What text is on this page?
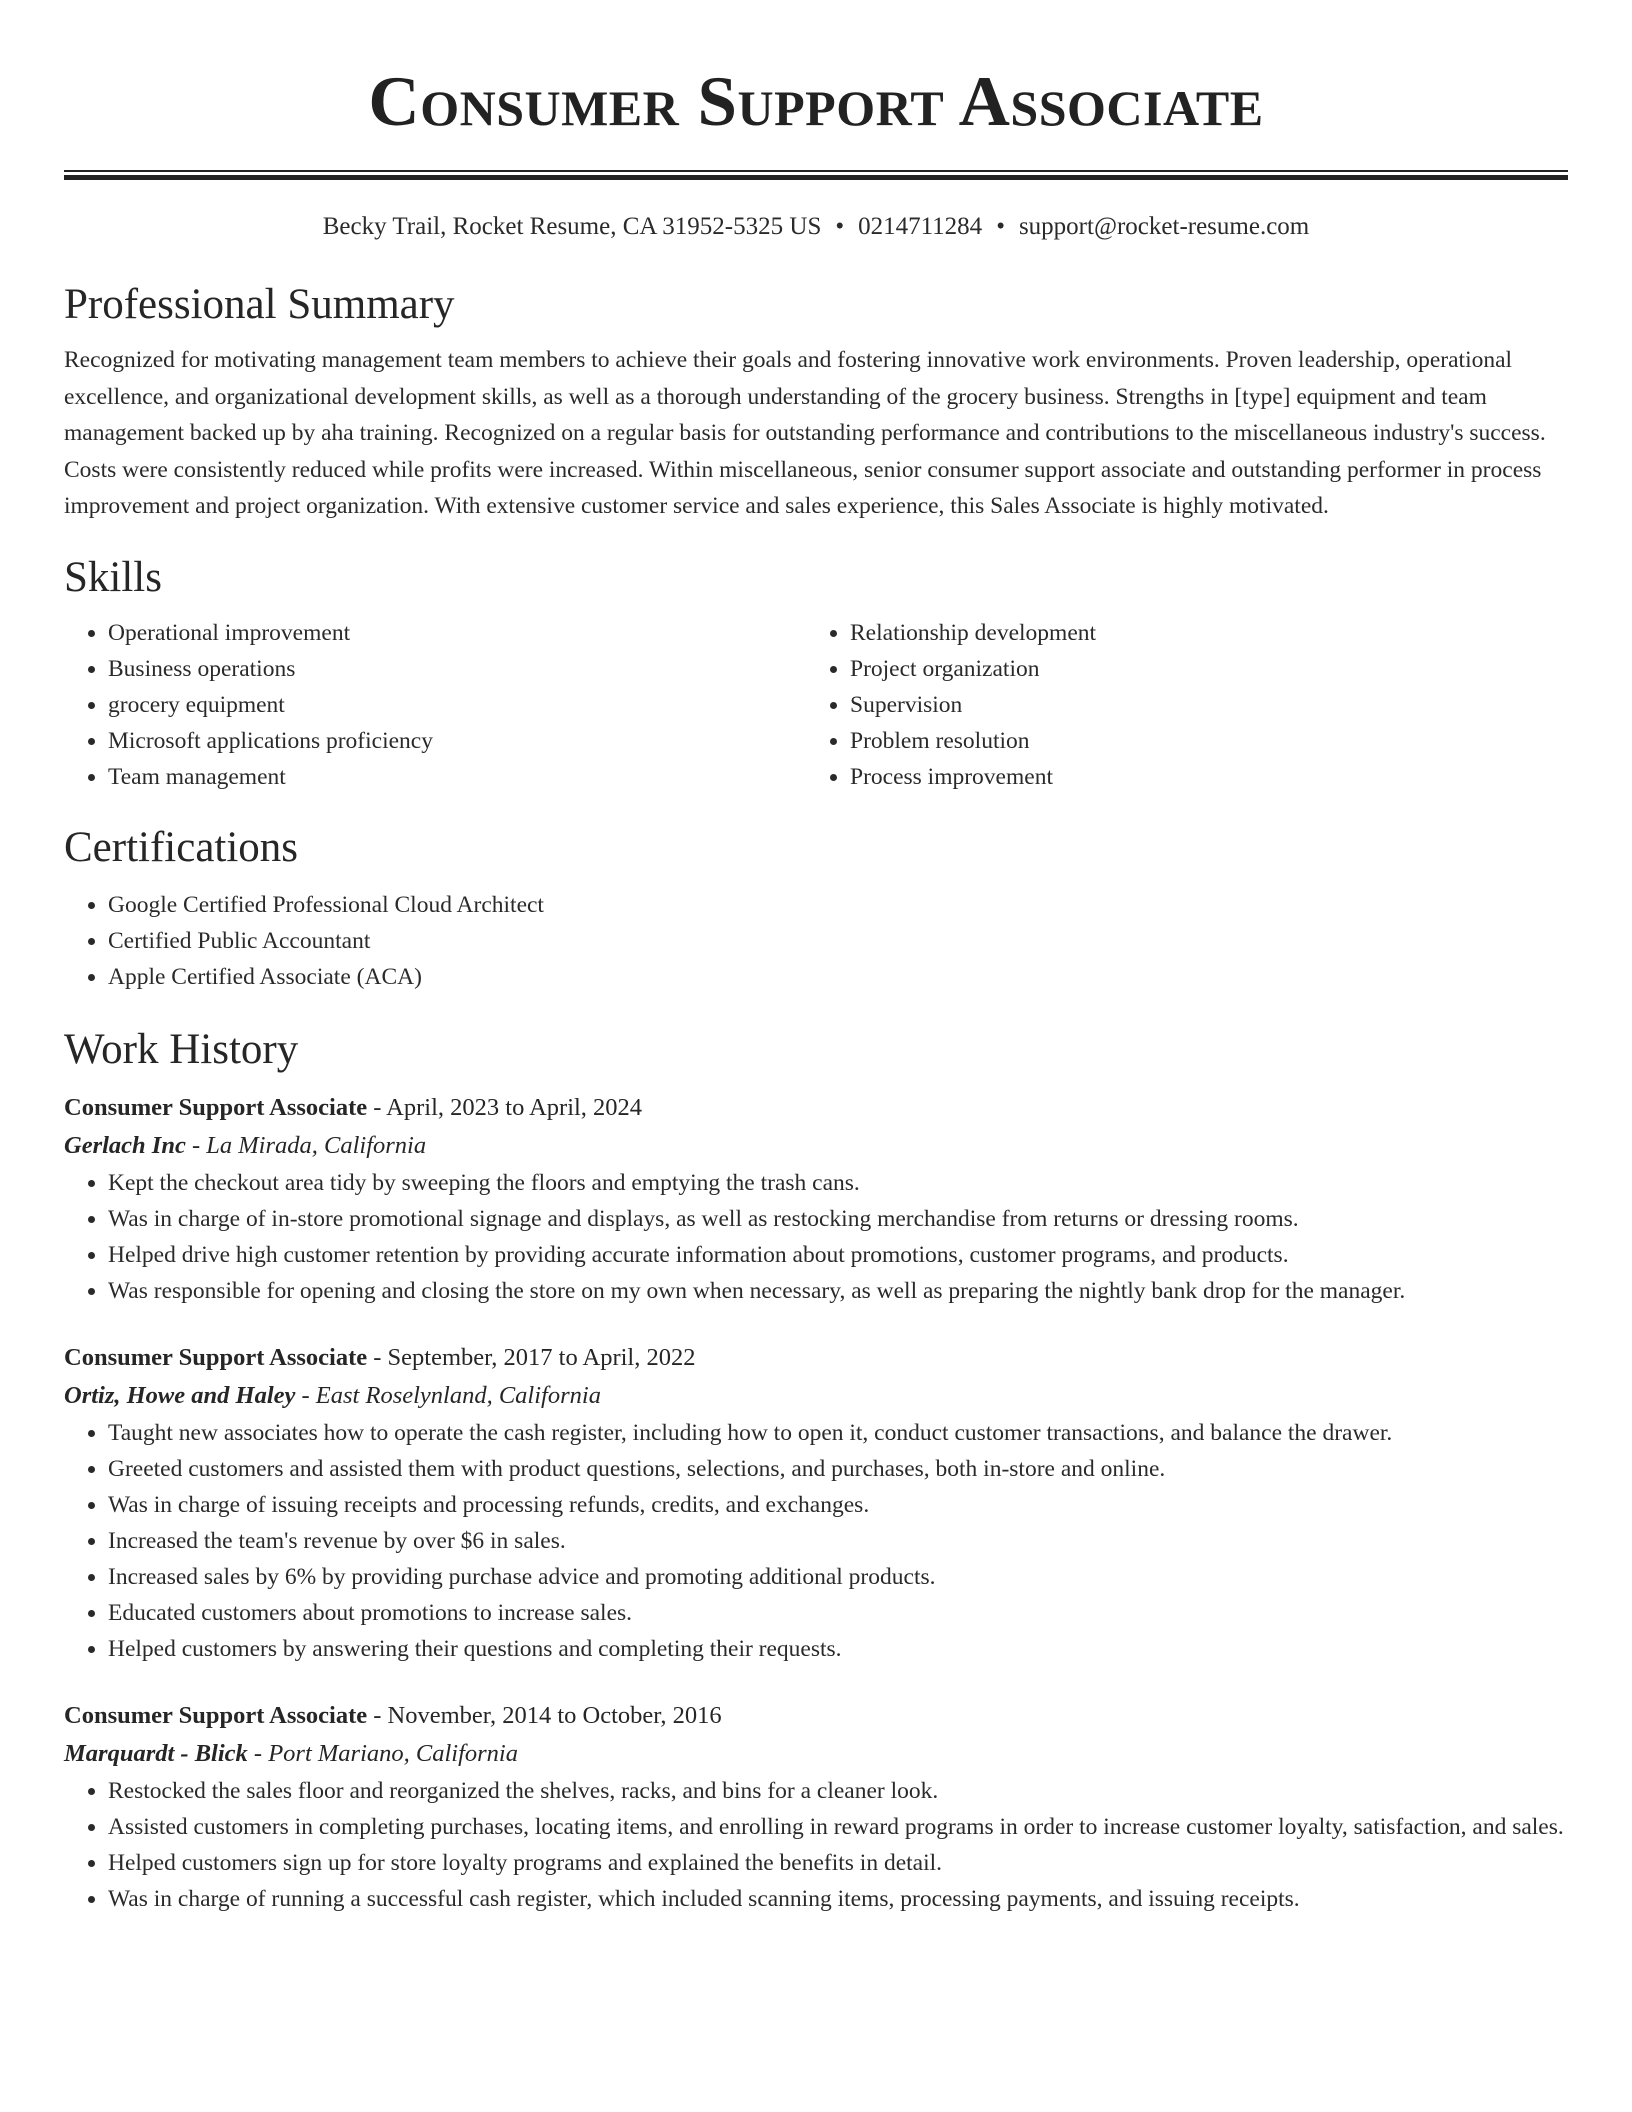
Consumer Support Associate
Becky Trail, Rocket Resume, CA 31952-5325 US • 0214711284 • support@rocket-resume.com
Professional Summary

Recognized for motivating management team members to achieve their goals and fostering innovative work environments. Proven leadership, operational excellence, and organizational development skills, as well as a thorough understanding of the grocery business. Strengths in [type] equipment and team management backed up by aha training. Recognized on a regular basis for outstanding performance and contributions to the miscellaneous industry's success. Costs were consistently reduced while profits were increased. Within miscellaneous, senior consumer support associate and outstanding performer in process improvement and project organization. With extensive customer service and sales experience, this Sales Associate is highly motivated.

Skills
• Operational improvement
• Business operations
• grocery equipment
• Microsoft applications proficiency
• Team management
• Relationship development
• Project organization
• Supervision
• Problem resolution
• Process improvement
Certifications
• Google Certified Professional Cloud Architect
• Certified Public Accountant
• Apple Certified Associate (ACA)
Work History
Consumer Support Associate - April, 2023 to April, 2024
Gerlach Inc - La Mirada, California
• Kept the checkout area tidy by sweeping the floors and emptying the trash cans.
• Was in charge of in-store promotional signage and displays, as well as restocking merchandise from returns or dressing rooms.
• Helped drive high customer retention by providing accurate information about promotions, customer programs, and products.
• Was responsible for opening and closing the store on my own when necessary, as well as preparing the nightly bank drop for the manager.
Consumer Support Associate - September, 2017 to April, 2022
Ortiz, Howe and Haley - East Roselynland, California
• Taught new associates how to operate the cash register, including how to open it, conduct customer transactions, and balance the drawer.
• Greeted customers and assisted them with product questions, selections, and purchases, both in-store and online.
• Was in charge of issuing receipts and processing refunds, credits, and exchanges.
• Increased the team's revenue by over $6 in sales.
• Increased sales by 6% by providing purchase advice and promoting additional products.
• Educated customers about promotions to increase sales.
• Helped customers by answering their questions and completing their requests.
Consumer Support Associate - November, 2014 to October, 2016
Marquardt - Blick - Port Mariano, California
• Restocked the sales floor and reorganized the shelves, racks, and bins for a cleaner look.
• Assisted customers in completing purchases, locating items, and enrolling in reward programs in order to increase customer loyalty, satisfaction, and sales.
• Helped customers sign up for store loyalty programs and explained the benefits in detail.
• Was in charge of running a successful cash register, which included scanning items, processing payments, and issuing receipts.
